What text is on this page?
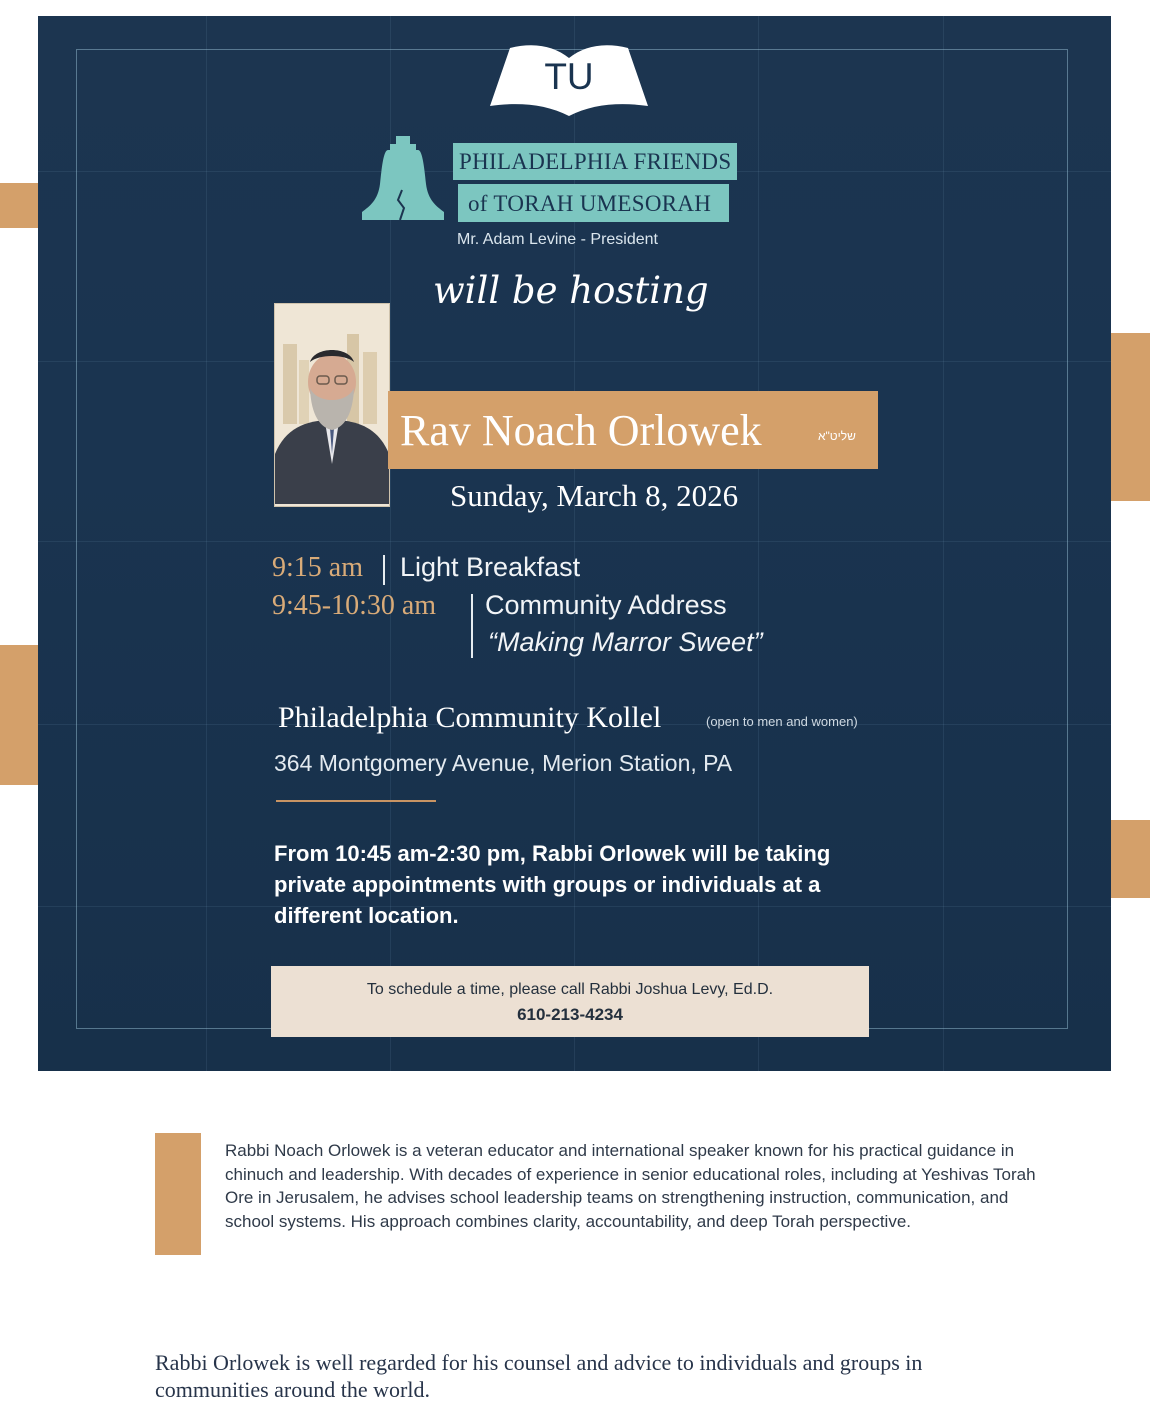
TU
PHILADELPHIA FRIENDS
of TORAH UMESORAH
Mr. Adam Levine - President
will be hosting
Rav Noach Orlowek	שליט"א
Sunday, March 8, 2026
9:15 am Light Breakfast
9:45-10:30 am Community Address
“Making Marror Sweet”
Philadelphia Community Kollel	(open to men and women)
364 Montgomery Avenue, Merion Station, PA
From 10:45 am-2:30 pm, Rabbi Orlowek will be taking private appointments with groups or individuals at a different location.
To schedule a time, please call Rabbi Joshua Levy, Ed.D.
610-213-4234
Rabbi Noach Orlowek is a veteran educator and international speaker known for his practical guidance in chinuch and leadership. With decades of experience in senior educational roles, including at Yeshivas Torah Ore in Jerusalem, he advises school leadership teams on strengthening instruction, communication, and school systems. His approach combines clarity, accountability, and deep Torah perspective.
Rabbi Orlowek is well regarded for his counsel and advice to individuals and groups in communities around the world.
